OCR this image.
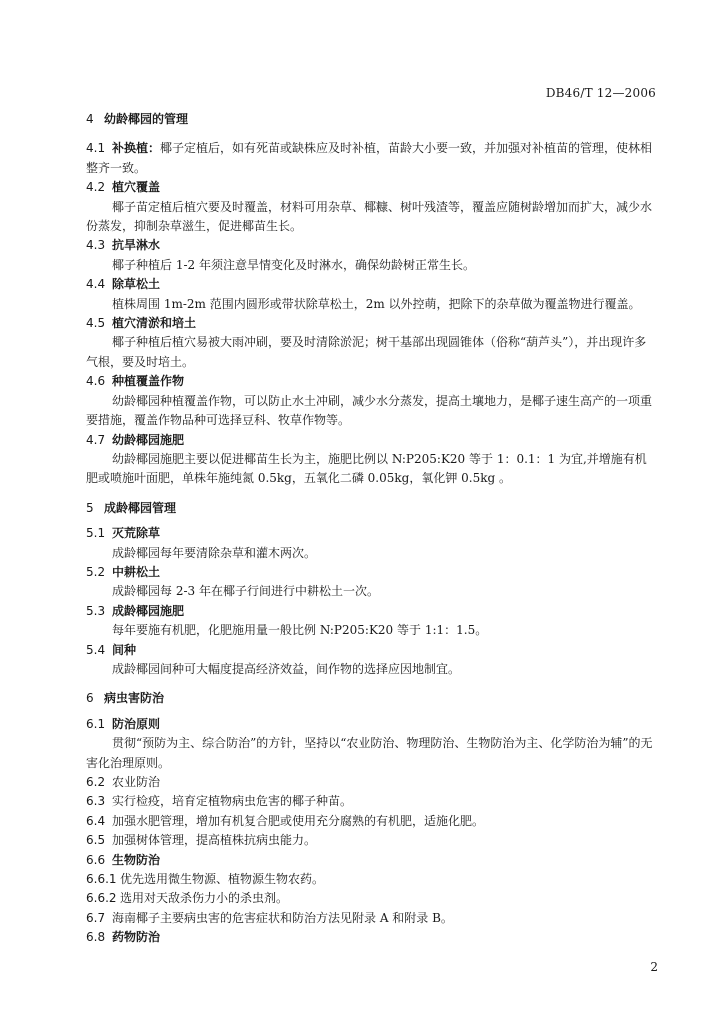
DB46/T 12—2006
4 幼龄椰园的管理
4.1 补换植：椰子定植后，如有死苗或缺株应及时补植，苗龄大小要一致，并加强对补植苗的管理，使林相整齐一致。
4.2 植穴覆盖
椰子苗定植后植穴要及时覆盖，材料可用杂草、椰糠、树叶残渣等，覆盖应随树龄增加而扩大，减少水份蒸发，抑制杂草滋生，促进椰苗生长。
4.3 抗旱淋水
椰子种植后 1-2 年须注意旱情变化及时淋水，确保幼龄树正常生长。
4.4 除草松土
植株周围 1m-2m 范围内圆形或带状除草松土，2m 以外控萌，把除下的杂草做为覆盖物进行覆盖。
4.5 植穴清淤和培土
椰子种植后植穴易被大雨冲刷，要及时清除淤泥；树干基部出现圆锥体（俗称“葫芦头”），并出现许多气根，要及时培土。
4.6 种植覆盖作物
幼龄椰园种植覆盖作物，可以防止水土冲刷，减少水分蒸发，提高土壤地力，是椰子速生高产的一项重要措施，覆盖作物品种可选择豆科、牧草作物等。
4.7 幼龄椰园施肥
幼龄椰园施肥主要以促进椰苗生长为主，施肥比例以 N:P205:K20 等于 1：0.1：1 为宜,并增施有机肥或喷施叶面肥，单株年施纯氮 0.5kg，五氧化二磷 0.05kg，氧化钾 0.5kg 。
5 成龄椰园管理
5.1 灭荒除草
成龄椰园每年要清除杂草和灌木两次。
5.2 中耕松土
成龄椰园每 2-3 年在椰子行间进行中耕松土一次。
5.3 成龄椰园施肥
每年要施有机肥，化肥施用量一般比例 N:P205:K20 等于 1:1：1.5。
5.4 间种
成龄椰园间种可大幅度提高经济效益，间作物的选择应因地制宜。
6 病虫害防治
6.1 防治原则
贯彻“预防为主、综合防治”的方针，坚持以“农业防治、物理防治、生物防治为主、化学防治为辅”的无害化治理原则。
6.2 农业防治
6.3 实行检疫，培育定植物病虫危害的椰子种苗。
6.4 加强水肥管理，增加有机复合肥或使用充分腐熟的有机肥，适施化肥。
6.5 加强树体管理，提高植株抗病虫能力。
6.6 生物防治
6.6.1 优先选用微生物源、植物源生物农药。
6.6.2 选用对天敌杀伤力小的杀虫剂。
6.7 海南椰子主要病虫害的危害症状和防治方法见附录 A 和附录 B。
6.8 药物防治
2
